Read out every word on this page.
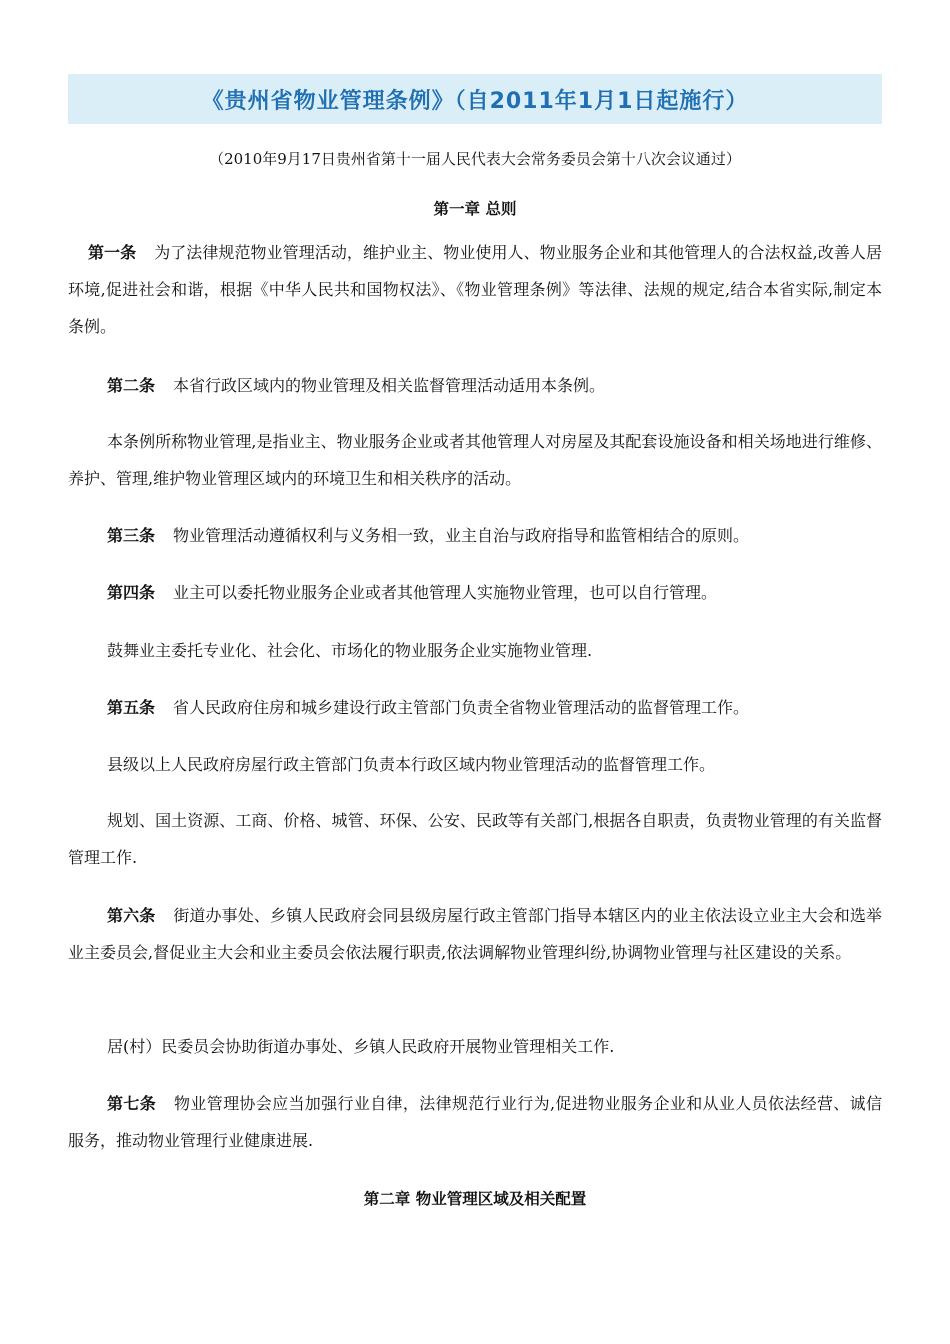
《贵州省物业管理条例》（自2011年1月1日起施行）
（2010年9月17日贵州省第十一届人民代表大会常务委员会第十八次会议通过）
第一章 总则
第一条 为了法律规范物业管理活动，维护业主、物业使用人、物业服务企业和其他管理人的合法权益,改善人居环境,促进社会和谐，根据《中华人民共和国物权法》、《物业管理条例》等法律、法规的规定,结合本省实际,制定本条例。
第二条 本省行政区域内的物业管理及相关监督管理活动适用本条例。
本条例所称物业管理,是指业主、物业服务企业或者其他管理人对房屋及其配套设施设备和相关场地进行维修、养护、管理,维护物业管理区域内的环境卫生和相关秩序的活动。
第三条 物业管理活动遵循权利与义务相一致，业主自治与政府指导和监管相结合的原则。
第四条 业主可以委托物业服务企业或者其他管理人实施物业管理，也可以自行管理。
鼓舞业主委托专业化、社会化、市场化的物业服务企业实施物业管理.
第五条 省人民政府住房和城乡建设行政主管部门负责全省物业管理活动的监督管理工作。
县级以上人民政府房屋行政主管部门负责本行政区域内物业管理活动的监督管理工作。
规划、国土资源、工商、价格、城管、环保、公安、民政等有关部门,根据各自职责，负责物业管理的有关监督管理工作.
第六条 街道办事处、乡镇人民政府会同县级房屋行政主管部门指导本辖区内的业主依法设立业主大会和选举业主委员会,督促业主大会和业主委员会依法履行职责,依法调解物业管理纠纷,协调物业管理与社区建设的关系。
居(村）民委员会协助街道办事处、乡镇人民政府开展物业管理相关工作.
第七条 物业管理协会应当加强行业自律，法律规范行业行为,促进物业服务企业和从业人员依法经营、诚信服务，推动物业管理行业健康进展.
第二章 物业管理区域及相关配置
